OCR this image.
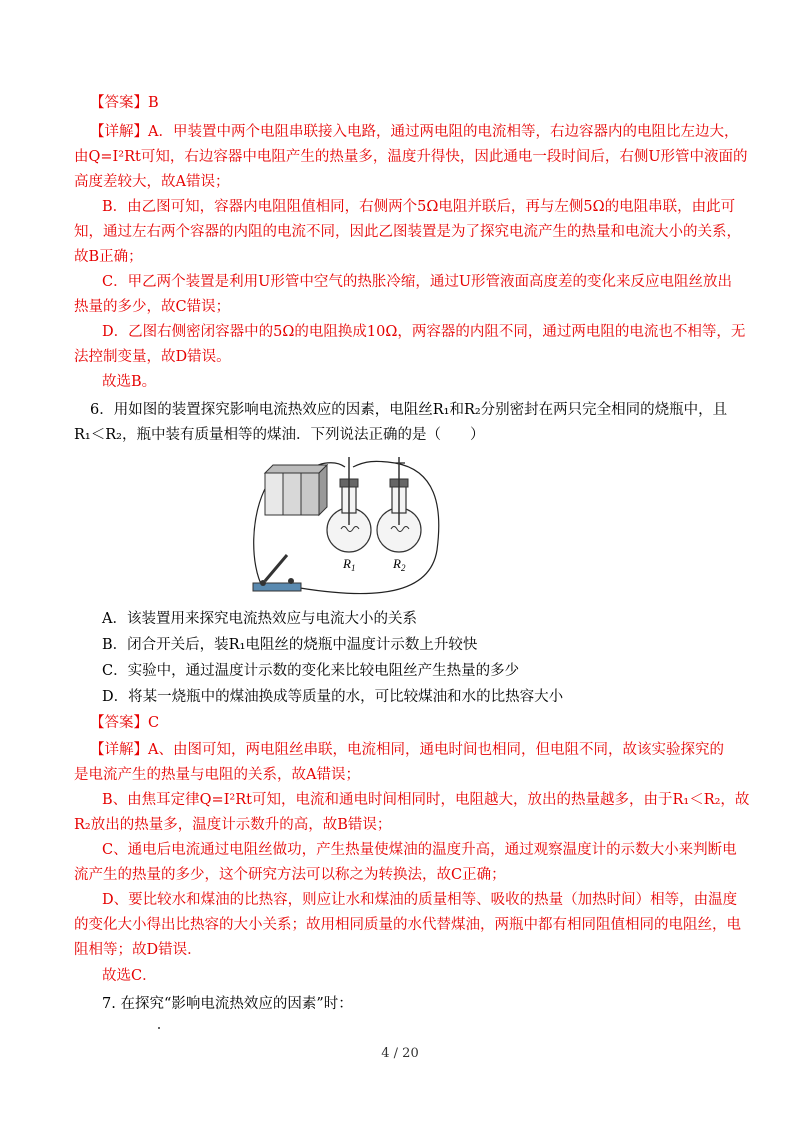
【答案】B
【详解】A．甲装置中两个电阻串联接入电路，通过两电阻的电流相等，右边容器内的电阻比左边大，
由Q=I²Rt可知，右边容器中电阻产生的热量多，温度升得快，因此通电一段时间后，右侧U形管中液面的
高度差较大，故A错误；
B．由乙图可知，容器内电阻阻值相同，右侧两个5Ω电阻并联后，再与左侧5Ω的电阻串联，由此可
知，通过左右两个容器的内阻的电流不同，因此乙图装置是为了探究电流产生的热量和电流大小的关系，
故B正确；
C．甲乙两个装置是利用U形管中空气的热胀冷缩，通过U形管液面高度差的变化来反应电阻丝放出
热量的多少，故C错误；
D．乙图右侧密闭容器中的5Ω的电阻换成10Ω，两容器的内阻不同，通过两电阻的电流也不相等，无
法控制变量，故D错误。
故选B。
6．用如图的装置探究影响电流热效应的因素，电阻丝R₁和R₂分别密封在两只完全相同的烧瓶中，且
R₁＜R₂，瓶中装有质量相等的煤油．下列说法正确的是（　　）
$R_1$	$R_2$
A．该装置用来探究电流热效应与电流大小的关系
B．闭合开关后，装R₁电阻丝的烧瓶中温度计示数上升较快
C．实验中，通过温度计示数的变化来比较电阻丝产生热量的多少
D．将某一烧瓶中的煤油换成等质量的水，可比较煤油和水的比热容大小
【答案】C
【详解】A、由图可知，两电阻丝串联，电流相同，通电时间也相同，但电阻不同，故该实验探究的
是电流产生的热量与电阻的关系，故A错误；
B、由焦耳定律Q=I²Rt可知，电流和通电时间相同时，电阻越大，放出的热量越多，由于R₁＜R₂，故
R₂放出的热量多，温度计示数升的高，故B错误；
C、通电后电流通过电阻丝做功，产生热量使煤油的温度升高，通过观察温度计的示数大小来判断电
流产生的热量的多少，这个研究方法可以称之为转换法，故C正确；
D、要比较水和煤油的比热容，则应让水和煤油的质量相等、吸收的热量（加热时间）相等，由温度
的变化大小得出比热容的大小关系；故用相同质量的水代替煤油，两瓶中都有相同阻值相同的电阻丝，电
阻相等；故D错误．
故选C．
7. 在探究“影响电流热效应的因素”时：
4 / 20
